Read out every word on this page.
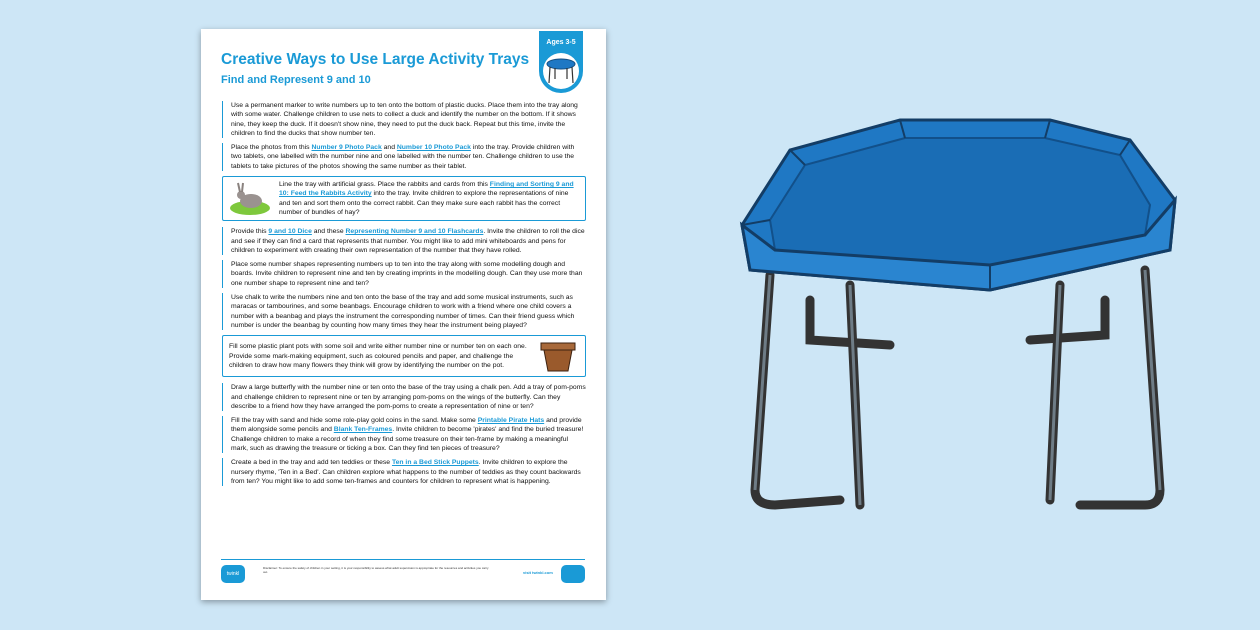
Creative Ways to Use Large Activity Trays
Find and Represent 9 and 10
Ages 3-5
Use a permanent marker to write numbers up to ten onto the bottom of plastic ducks. Place them into the tray along with some water. Challenge children to use nets to collect a duck and identify the number on the bottom. If it shows nine, they keep the duck. If it doesn't show nine, they need to put the duck back. Repeat but this time, invite the children to find the ducks that show number ten.
Place the photos from this Number 9 Photo Pack and Number 10 Photo Pack into the tray. Provide children with two tablets, one labelled with the number nine and one labelled with the number ten. Challenge children to use the tablets to take pictures of the photos showing the same number as their tablet.
Line the tray with artificial grass. Place the rabbits and cards from this Finding and Sorting 9 and 10: Feed the Rabbits Activity into the tray. Invite children to explore the representations of nine and ten and sort them onto the correct rabbit. Can they make sure each rabbit has the correct number of bundles of hay?
Provide this 9 and 10 Dice and these Representing Number 9 and 10 Flashcards. Invite the children to roll the dice and see if they can find a card that represents that number. You might like to add mini whiteboards and pens for children to experiment with creating their own representation of the number that they have rolled.
Place some number shapes representing numbers up to ten into the tray along with some modelling dough and boards. Invite children to represent nine and ten by creating imprints in the modelling dough. Can they use more than one number shape to represent nine and ten?
Use chalk to write the numbers nine and ten onto the base of the tray and add some musical instruments, such as maracas or tambourines, and some beanbags. Encourage children to work with a friend where one child covers a number with a beanbag and plays the instrument the corresponding number of times. Can their friend guess which number is under the beanbag by counting how many times they hear the instrument being played?
Fill some plastic plant pots with some soil and write either number nine or number ten on each one. Provide some mark-making equipment, such as coloured pencils and paper, and challenge the children to draw how many flowers they think will grow by identifying the number on the pot.
Draw a large butterfly with the number nine or ten onto the base of the tray using a chalk pen. Add a tray of pom-poms and challenge children to represent nine or ten by arranging pom-poms on the wings of the butterfly. Can they describe to a friend how they have arranged the pom-poms to create a representation of nine or ten?
Fill the tray with sand and hide some role-play gold coins in the sand. Make some Printable Pirate Hats and provide them alongside some pencils and Blank Ten-Frames. Invite children to become 'pirates' and find the buried treasure! Challenge children to make a record of when they find some treasure on their ten-frame by making a meaningful mark, such as drawing the treasure or ticking a box. Can they find ten pieces of treasure?
Create a bed in the tray and add ten teddies or these Ten in a Bed Stick Puppets. Invite children to explore the nursery rhyme, 'Ten in a Bed'. Can children explore what happens to the number of teddies as they count backwards from ten? You might like to add some ten-frames and counters for children to represent what is happening.
twinkl
Disclaimer: To ensure the safety of children in your setting, it is your responsibility to assess what adult supervision is appropriate for the resources and activities you carry out.	visit twinkl.com
